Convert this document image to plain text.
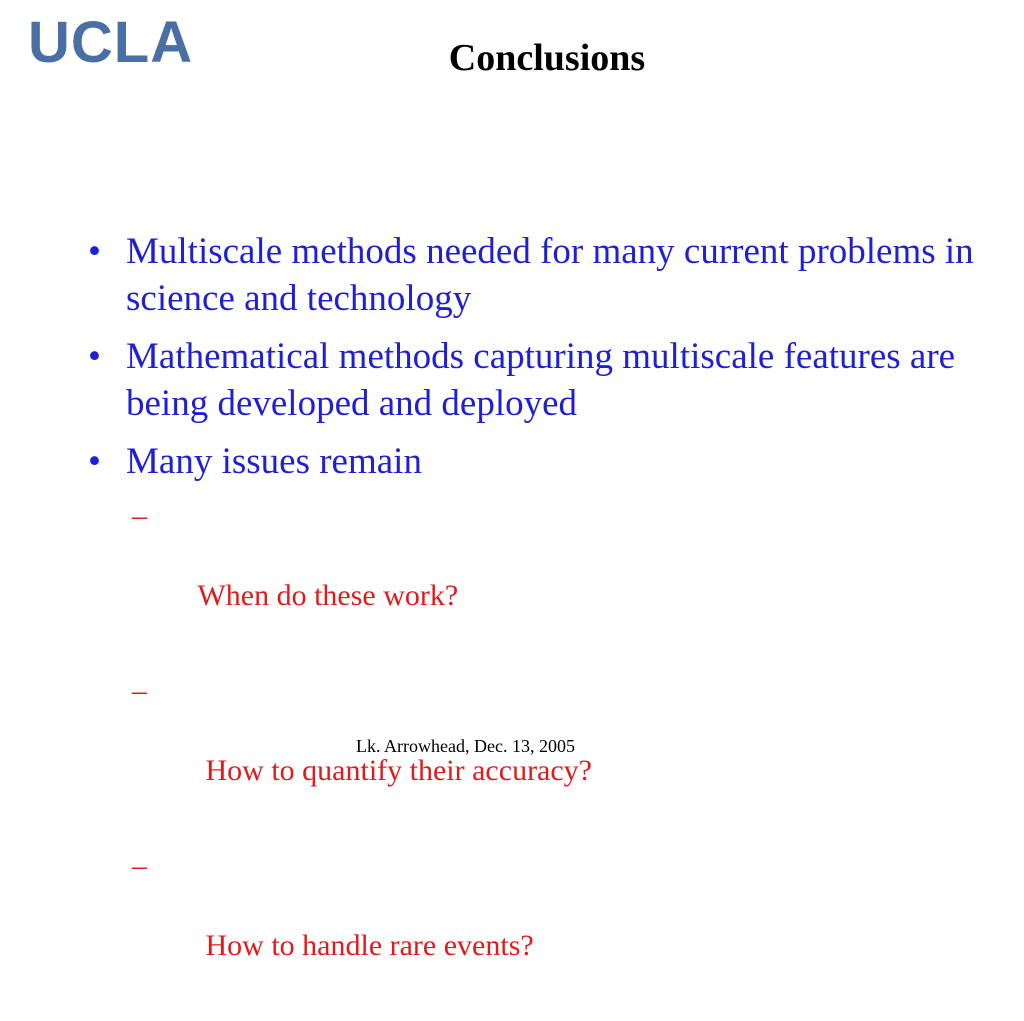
UCLA	Conclusions
• Multiscale methods needed for many current problems in science and technology
• Mathematical methods capturing multiscale features are being developed and deployed
• Many issues remain

–

When do these work?

–

How to quantify their accuracy?

–

How to handle rare events?

Lk. Arrowhead, Dec. 13, 2005
